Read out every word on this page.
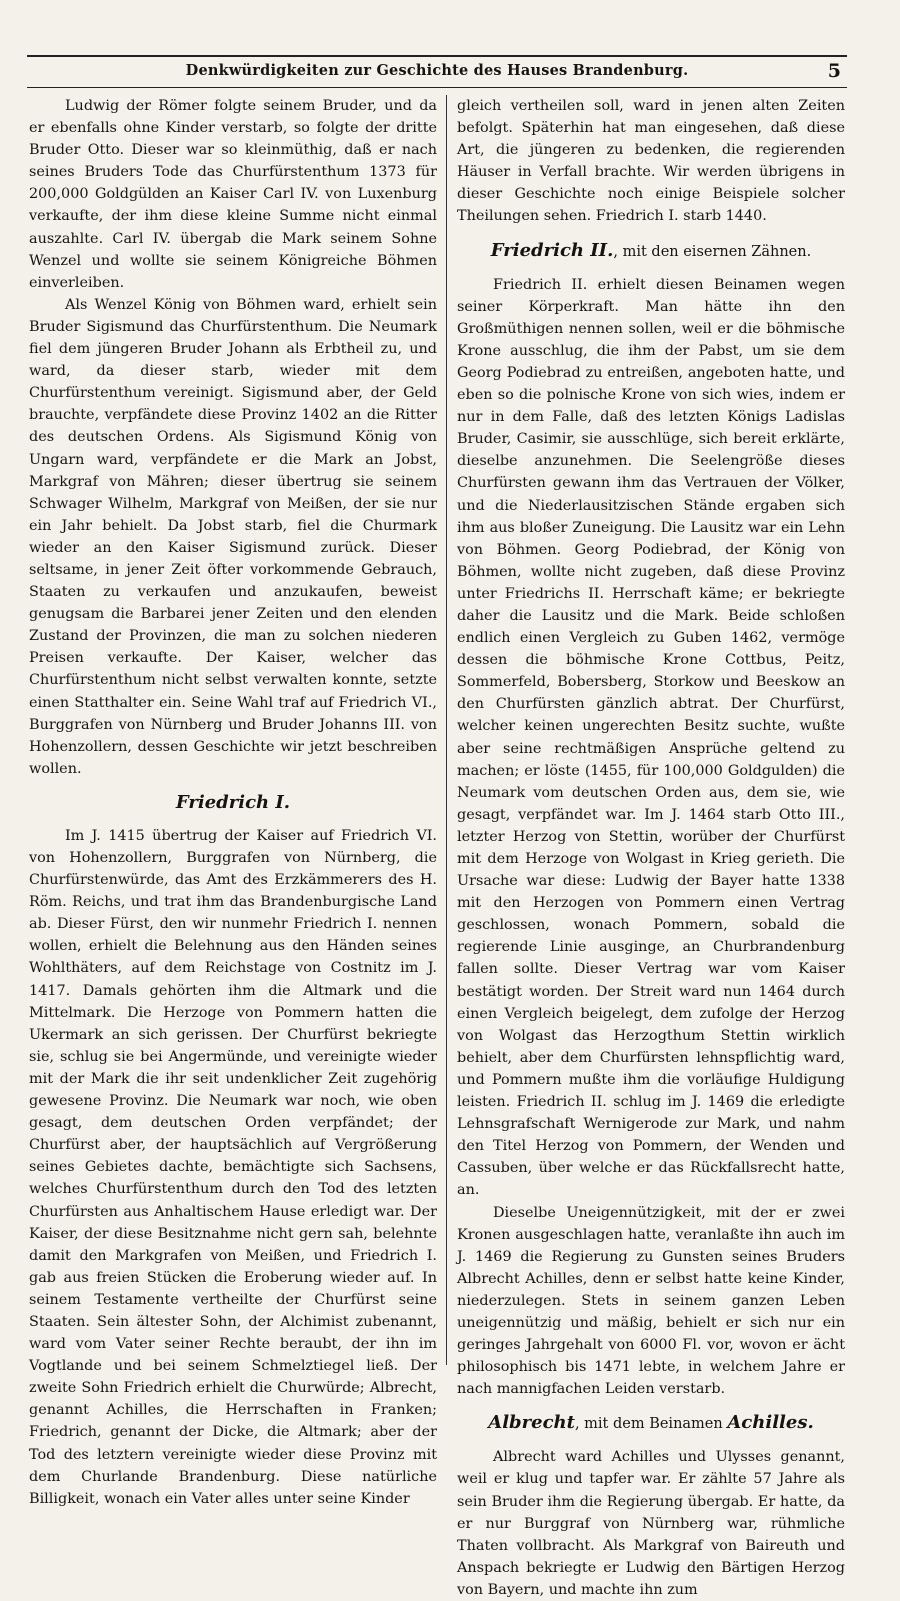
Denkwürdigkeiten zur Geschichte des Hauses Brandenburg.	5

Ludwig der Römer folgte seinem Bruder, und da er ebenfalls ohne Kinder verstarb, so folgte der dritte Bruder Otto. Dieser war so kleinmüthig, daß er nach seines Bruders Tode das Churfürstenthum 1373 für 200,000 Goldgülden an Kaiser Carl IV. von Luxenburg verkaufte, der ihm diese kleine Summe nicht einmal auszahlte. Carl IV. übergab die Mark seinem Sohne Wenzel und wollte sie seinem Königreiche Böhmen einverleiben.

Als Wenzel König von Böhmen ward, erhielt sein Bruder Sigismund das Churfürstenthum. Die Neumark fiel dem jüngeren Bruder Johann als Erbtheil zu, und ward, da dieser starb, wieder mit dem Churfürstenthum vereinigt. Sigismund aber, der Geld brauchte, verpfändete diese Provinz 1402 an die Ritter des deutschen Ordens. Als Sigismund König von Ungarn ward, verpfändete er die Mark an Jobst, Markgraf von Mähren; dieser übertrug sie seinem Schwager Wilhelm, Markgraf von Meißen, der sie nur ein Jahr behielt. Da Jobst starb, fiel die Churmark wieder an den Kaiser Sigismund zurück. Dieser seltsame, in jener Zeit öfter vorkommende Gebrauch, Staaten zu verkaufen und anzukaufen, beweist genugsam die Barbarei jener Zeiten und den elenden Zustand der Provinzen, die man zu solchen niederen Preisen verkaufte. Der Kaiser, welcher das Churfürstenthum nicht selbst verwalten konnte, setzte einen Statthalter ein. Seine Wahl traf auf Friedrich VI., Burggrafen von Nürnberg und Bruder Johanns III. von Hohenzollern, dessen Geschichte wir jetzt beschreiben wollen.

Friedrich I.

Im J. 1415 übertrug der Kaiser auf Friedrich VI. von Hohenzollern, Burggrafen von Nürnberg, die Churfürstenwürde, das Amt des Erzkämmerers des H. Röm. Reichs, und trat ihm das Brandenburgische Land ab. Dieser Fürst, den wir nunmehr Friedrich I. nennen wollen, erhielt die Belehnung aus den Händen seines Wohlthäters, auf dem Reichstage von Costnitz im J. 1417. Damals gehörten ihm die Altmark und die Mittelmark. Die Herzoge von Pommern hatten die Ukermark an sich gerissen. Der Churfürst bekriegte sie, schlug sie bei Angermünde, und vereinigte wieder mit der Mark die ihr seit undenklicher Zeit zugehörig gewesene Provinz. Die Neumark war noch, wie oben gesagt, dem deutschen Orden verpfändet; der Churfürst aber, der hauptsächlich auf Vergrößerung seines Gebietes dachte, bemächtigte sich Sachsens, welches Churfürstenthum durch den Tod des letzten Churfürsten aus Anhaltischem Hause erledigt war. Der Kaiser, der diese Besitznahme nicht gern sah, belehnte damit den Markgrafen von Meißen, und Friedrich I. gab aus freien Stücken die Eroberung wieder auf. In seinem Testamente vertheilte der Churfürst seine Staaten. Sein ältester Sohn, der Alchimist zubenannt, ward vom Vater seiner Rechte beraubt, der ihn im Vogtlande und bei seinem Schmelztiegel ließ. Der zweite Sohn Friedrich erhielt die Churwürde; Albrecht, genannt Achilles, die Herrschaften in Franken; Friedrich, genannt der Dicke, die Altmark; aber der Tod des letztern vereinigte wieder diese Provinz mit dem Churlande Brandenburg. Diese natürliche Billigkeit, wonach ein Vater alles unter seine Kinder

gleich vertheilen soll, ward in jenen alten Zeiten befolgt. Späterhin hat man eingesehen, daß diese Art, die jüngeren zu bedenken, die regierenden Häuser in Verfall brachte. Wir werden übrigens in dieser Geschichte noch einige Beispiele solcher Theilungen sehen. Friedrich I. starb 1440.

Friedrich II., mit den eisernen Zähnen.

Friedrich II. erhielt diesen Beinamen wegen seiner Körperkraft. Man hätte ihn den Großmüthigen nennen sollen, weil er die böhmische Krone ausschlug, die ihm der Pabst, um sie dem Georg Podiebrad zu entreißen, angeboten hatte, und eben so die polnische Krone von sich wies, indem er nur in dem Falle, daß des letzten Königs Ladislas Bruder, Casimir, sie ausschlüge, sich bereit erklärte, dieselbe anzunehmen. Die Seelengröße dieses Churfürsten gewann ihm das Vertrauen der Völker, und die Niederlausitzischen Stände ergaben sich ihm aus bloßer Zuneigung. Die Lausitz war ein Lehn von Böhmen. Georg Podiebrad, der König von Böhmen, wollte nicht zugeben, daß diese Provinz unter Friedrichs II. Herrschaft käme; er bekriegte daher die Lausitz und die Mark. Beide schloßen endlich einen Vergleich zu Guben 1462, vermöge dessen die böhmische Krone Cottbus, Peitz, Sommerfeld, Bobersberg, Storkow und Beeskow an den Churfürsten gänzlich abtrat. Der Churfürst, welcher keinen ungerechten Besitz suchte, wußte aber seine rechtmäßigen Ansprüche geltend zu machen; er löste (1455, für 100,000 Goldgulden) die Neumark vom deutschen Orden aus, dem sie, wie gesagt, verpfändet war. Im J. 1464 starb Otto III., letzter Herzog von Stettin, worüber der Churfürst mit dem Herzoge von Wolgast in Krieg gerieth. Die Ursache war diese: Ludwig der Bayer hatte 1338 mit den Herzogen von Pommern einen Vertrag geschlossen, wonach Pommern, sobald die regierende Linie ausginge, an Churbrandenburg fallen sollte. Dieser Vertrag war vom Kaiser bestätigt worden. Der Streit ward nun 1464 durch einen Vergleich beigelegt, dem zufolge der Herzog von Wolgast das Herzogthum Stettin wirklich behielt, aber dem Churfürsten lehnspflichtig ward, und Pommern mußte ihm die vorläufige Huldigung leisten. Friedrich II. schlug im J. 1469 die erledigte Lehnsgrafschaft Wernigerode zur Mark, und nahm den Titel Herzog von Pommern, der Wenden und Cassuben, über welche er das Rückfallsrecht hatte, an.

Dieselbe Uneigennützigkeit, mit der er zwei Kronen ausgeschlagen hatte, veranlaßte ihn auch im J. 1469 die Regierung zu Gunsten seines Bruders Albrecht Achilles, denn er selbst hatte keine Kinder, niederzulegen. Stets in seinem ganzen Leben uneigennützig und mäßig, behielt er sich nur ein geringes Jahrgehalt von 6000 Fl. vor, wovon er ächt philosophisch bis 1471 lebte, in welchem Jahre er nach mannigfachen Leiden verstarb.

Albrecht, mit dem Beinamen Achilles.

Albrecht ward Achilles und Ulysses genannt, weil er klug und tapfer war. Er zählte 57 Jahre als sein Bruder ihm die Regierung übergab. Er hatte, da er nur Burggraf von Nürnberg war, rühmliche Thaten vollbracht. Als Markgraf von Baireuth und Anspach bekriegte er Ludwig den Bärtigen Herzog von Bayern, und machte ihn zum
